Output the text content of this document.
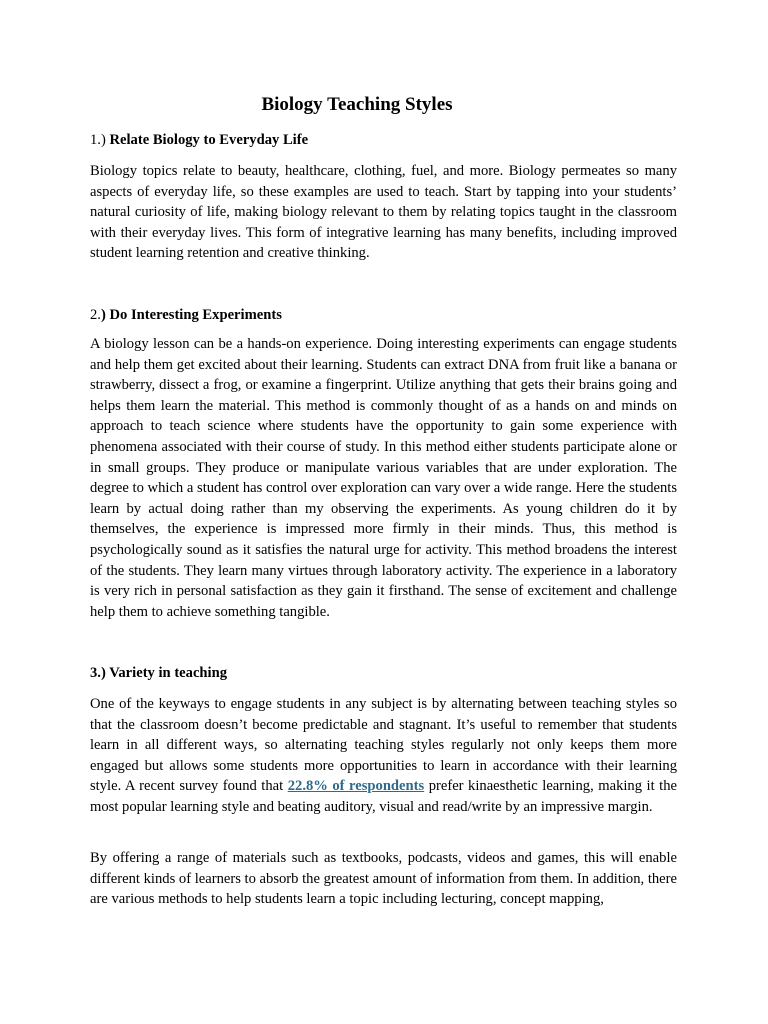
Biology Teaching Styles
1.) Relate Biology to Everyday Life

Biology topics relate to beauty, healthcare, clothing, fuel, and more. Biology permeates so many aspects of everyday life, so these examples are used to teach. Start by tapping into your students’ natural curiosity of life, making biology relevant to them by relating topics taught in the classroom with their everyday lives. This form of integrative learning has many benefits, including improved student learning retention and creative thinking.

2.) Do Interesting Experiments

A biology lesson can be a hands-on experience. Doing interesting experiments can engage students and help them get excited about their learning. Students can extract DNA from fruit like a banana or strawberry, dissect a frog, or examine a fingerprint. Utilize anything that gets their brains going and helps them learn the material. This method is commonly thought of as a hands on and minds on approach to teach science where students have the opportunity to gain some experience with phenomena associated with their course of study. In this method either students participate alone or in small groups. They produce or manipulate various variables that are under exploration. The degree to which a student has control over exploration can vary over a wide range. Here the students learn by actual doing rather than my observing the experiments. As young children do it by themselves, the experience is impressed more firmly in their minds. Thus, this method is psychologically sound as it satisfies the natural urge for activity. This method broadens the interest of the students. They learn many virtues through laboratory activity. The experience in a laboratory is very rich in personal satisfaction as they gain it firsthand. The sense of excitement and challenge help them to achieve something tangible.

3.) Variety in teaching

One of the keyways to engage students in any subject is by alternating between teaching styles so that the classroom doesn’t become predictable and stagnant. It’s useful to remember that students learn in all different ways, so alternating teaching styles regularly not only keeps them more engaged but allows some students more opportunities to learn in accordance with their learning style. A recent survey found that 22.8% of respondents prefer kinaesthetic learning, making it the most popular learning style and beating auditory, visual and read/write by an impressive margin.

By offering a range of materials such as textbooks, podcasts, videos and games, this will enable different kinds of learners to absorb the greatest amount of information from them. In addition, there are various methods to help students learn a topic including lecturing, concept mapping,
